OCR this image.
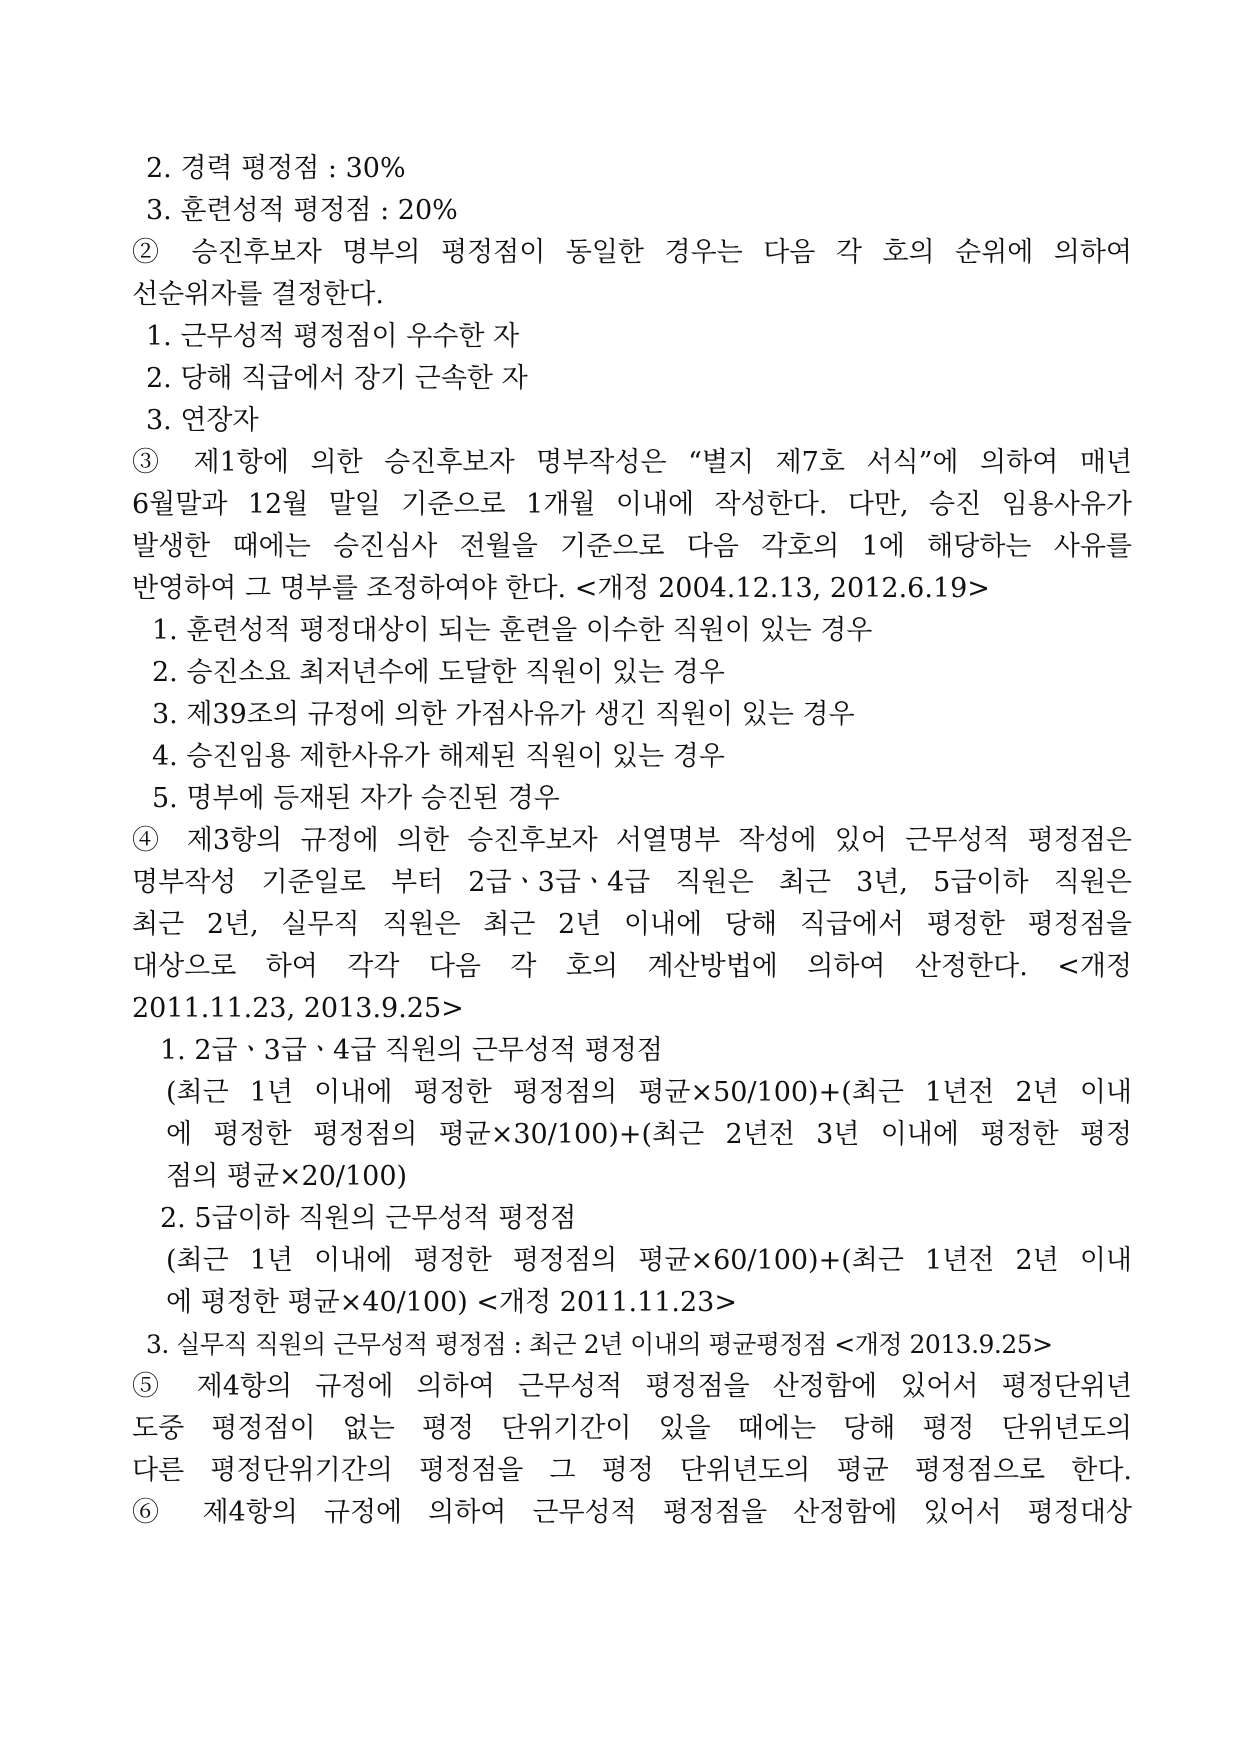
2. 경력 평정점 : 30%
3. 훈련성적 평정점 : 20%
② 승진후보자 명부의 평정점이 동일한 경우는 다음 각 호의 순위에 의하여
선순위자를 결정한다.
1. 근무성적 평정점이 우수한 자
2. 당해 직급에서 장기 근속한 자
3. 연장자
③ 제1항에 의한 승진후보자 명부작성은 “별지 제7호 서식”에 의하여 매년
6월말과 12월 말일 기준으로 1개월 이내에 작성한다. 다만, 승진 임용사유가
발생한 때에는 승진심사 전월을 기준으로 다음 각호의 1에 해당하는 사유를
반영하여 그 명부를 조정하여야 한다. <개정 2004.12.13, 2012.6.19>
1. 훈련성적 평정대상이 되는 훈련을 이수한 직원이 있는 경우
2. 승진소요 최저년수에 도달한 직원이 있는 경우
3. 제39조의 규정에 의한 가점사유가 생긴 직원이 있는 경우
4. 승진임용 제한사유가 해제된 직원이 있는 경우
5. 명부에 등재된 자가 승진된 경우
④ 제3항의 규정에 의한 승진후보자 서열명부 작성에 있어 근무성적 평정점은
명부작성 기준일로 부터 2급ㆍ3급ㆍ4급 직원은 최근 3년, 5급이하 직원은
최근 2년, 실무직 직원은 최근 2년 이내에 당해 직급에서 평정한 평정점을
대상으로 하여 각각 다음 각 호의 계산방법에 의하여 산정한다. <개정
2011.11.23, 2013.9.25>
1. 2급ㆍ3급ㆍ4급 직원의 근무성적 평정점
(최근 1년 이내에 평정한 평정점의 평균×50/100)+(최근 1년전 2년 이내
에 평정한 평정점의 평균×30/100)+(최근 2년전 3년 이내에 평정한 평정
점의 평균×20/100)
2. 5급이하 직원의 근무성적 평정점
(최근 1년 이내에 평정한 평정점의 평균×60/100)+(최근 1년전 2년 이내
에 평정한 평균×40/100) <개정 2011.11.23>
3. 실무직 직원의 근무성적 평정점 : 최근 2년 이내의 평균평정점 <개정 2013.9.25>
⑤ 제4항의 규정에 의하여 근무성적 평정점을 산정함에 있어서 평정단위년
도중 평정점이 없는 평정 단위기간이 있을 때에는 당해 평정 단위년도의
다른 평정단위기간의 평정점을 그 평정 단위년도의 평균 평정점으로 한다.
⑥ 제4항의 규정에 의하여 근무성적 평정점을 산정함에 있어서 평정대상
